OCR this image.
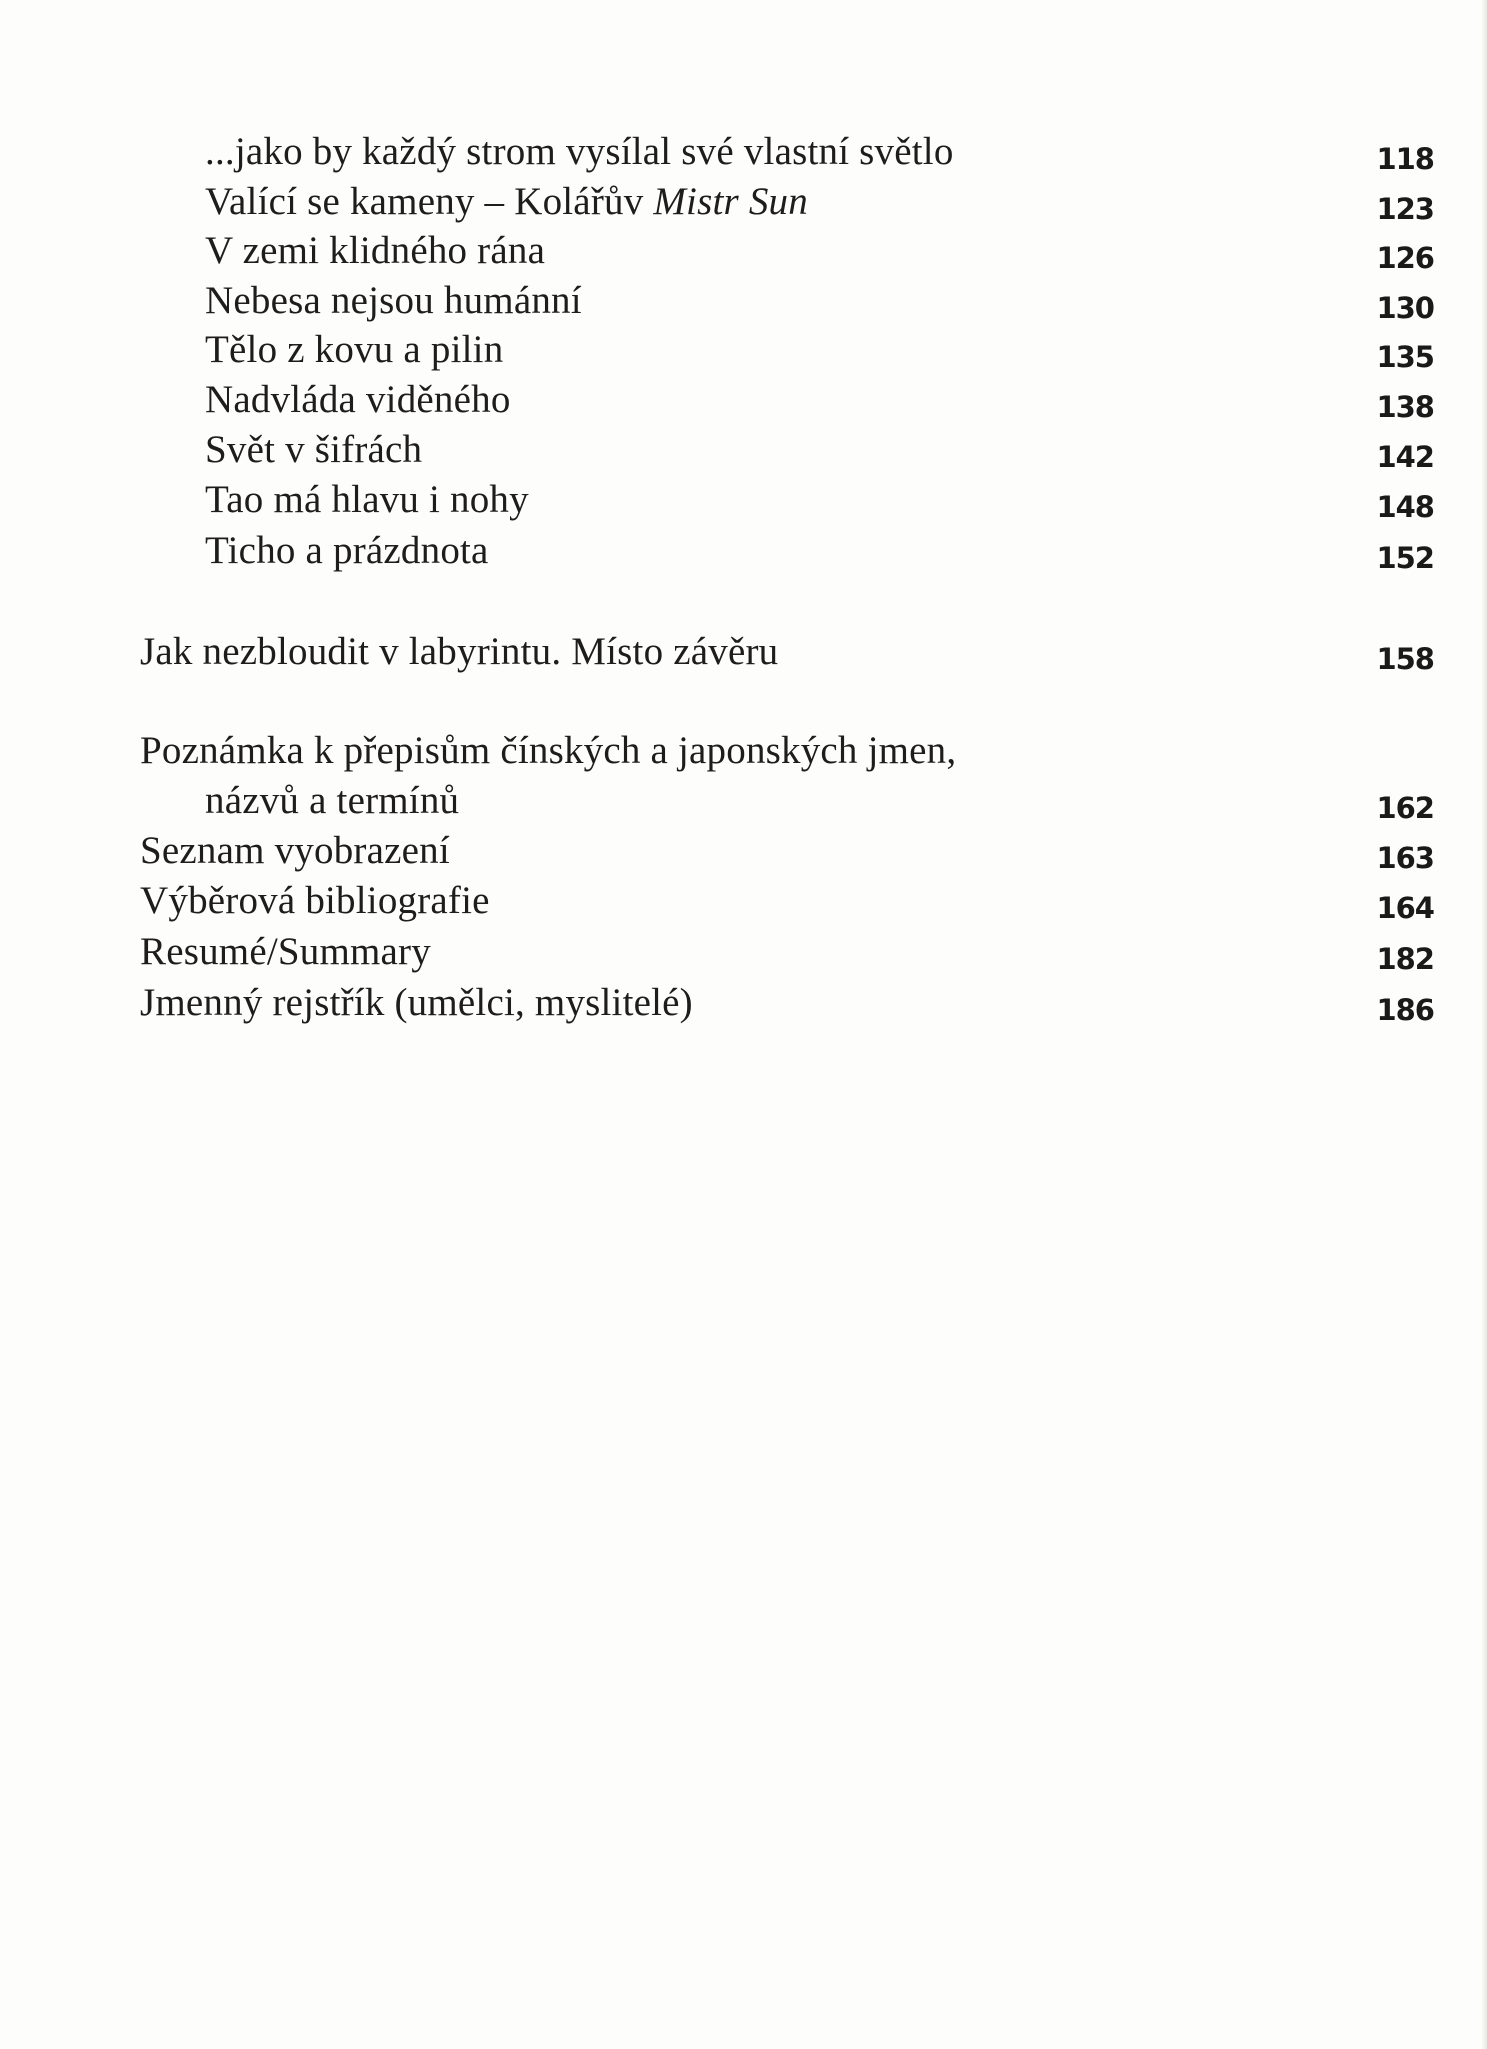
...jako by každý strom vysílal své vlastní světlo	118
Valící se kameny – Kolářův Mistr Sun	123
V zemi klidného rána	126
Nebesa nejsou humánní	130
Tělo z kovu a pilin	135
Nadvláda viděného	138
Svět v šifrách	142
Tao má hlavu i nohy	148
Ticho a prázdnota	152
Jak nezbloudit v labyrintu. Místo závěru	158
Poznámka k přepisům čínských a japonských jmen,
názvů a termínů	162
Seznam vyobrazení	163
Výběrová bibliografie	164
Resumé/Summary	182
Jmenný rejstřík (umělci, myslitelé)	186
